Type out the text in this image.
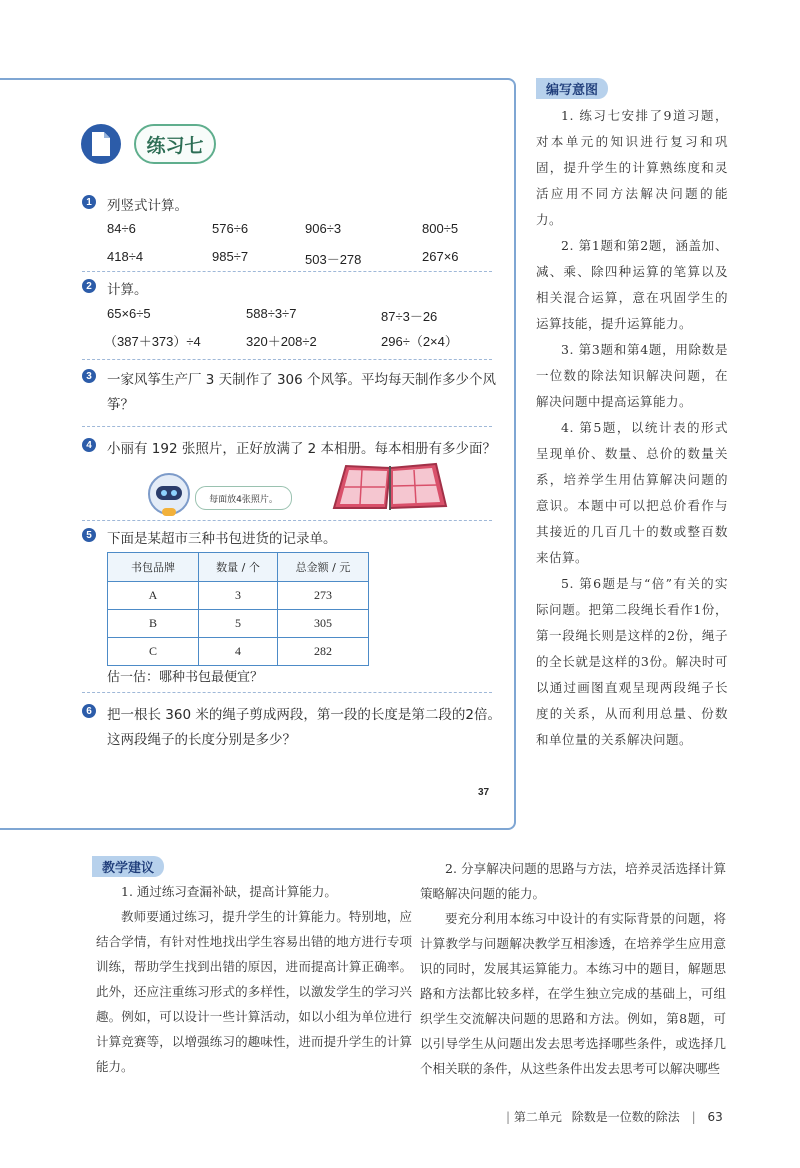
练习七
1	列竖式计算。
84÷6	576÷6	906÷3	800÷5
418÷4	985÷7	503－278	267×6
2	计算。
65×6÷5	588÷3÷7	87÷3－26
（387＋373）÷4	320＋208÷2	296÷（2×4）
3	一家风筝生产厂 3 天制作了 306 个风筝。平均每天制作多少个风筝？
4	小丽有 192 张照片，正好放满了 2 本相册。每本相册有多少面？
每面放4张照片。
5	下面是某超市三种书包进货的记录单。
书包品牌	数量 / 个	总金额 / 元
A	3	273
B	5	305
C	4	282
估一估：哪种书包最便宜？
6	把一根长 360 米的绳子剪成两段，第一段的长度是第二段的2倍。这两段绳子的长度分别是多少？
37
编写意图

1. 练习七安排了9道习题，对本单元的知识进行复习和巩固，提升学生的计算熟练度和灵活应用不同方法解决问题的能力。

2. 第1题和第2题，涵盖加、减、乘、除四种运算的笔算以及相关混合运算，意在巩固学生的运算技能，提升运算能力。

3. 第3题和第4题，用除数是一位数的除法知识解决问题，在解决问题中提高运算能力。

4. 第5题，以统计表的形式呈现单价、数量、总价的数量关系，培养学生用估算解决问题的意识。本题中可以把总价看作与其接近的几百几十的数或整百数来估算。

5. 第6题是与“倍”有关的实际问题。把第二段绳长看作1份，第一段绳长则是这样的2份，绳子的全长就是这样的3份。解决时可以通过画图直观呈现两段绳子长度的关系，从而利用总量、份数和单位量的关系解决问题。

教学建议

1. 通过练习查漏补缺，提高计算能力。

教师要通过练习，提升学生的计算能力。特别地，应结合学情，有针对性地找出学生容易出错的地方进行专项训练，帮助学生找到出错的原因，进而提高计算正确率。此外，还应注重练习形式的多样性，以激发学生的学习兴趣。例如，可以设计一些计算活动，如以小组为单位进行计算竞赛等，以增强练习的趣味性，进而提升学生的计算能力。

2. 分享解决问题的思路与方法，培养灵活选择计算策略解决问题的能力。

要充分利用本练习中设计的有实际背景的问题，将计算教学与问题解决教学互相渗透，在培养学生应用意识的同时，发展其运算能力。本练习中的题目，解题思路和方法都比较多样，在学生独立完成的基础上，可组织学生交流解决问题的思路和方法。例如，第8题，可以引导学生从问题出发去思考选择哪些条件，或选择几个相关联的条件，从这些条件出发去思考可以解决哪些

| 第二单元 除数是一位数的除法 | 63
